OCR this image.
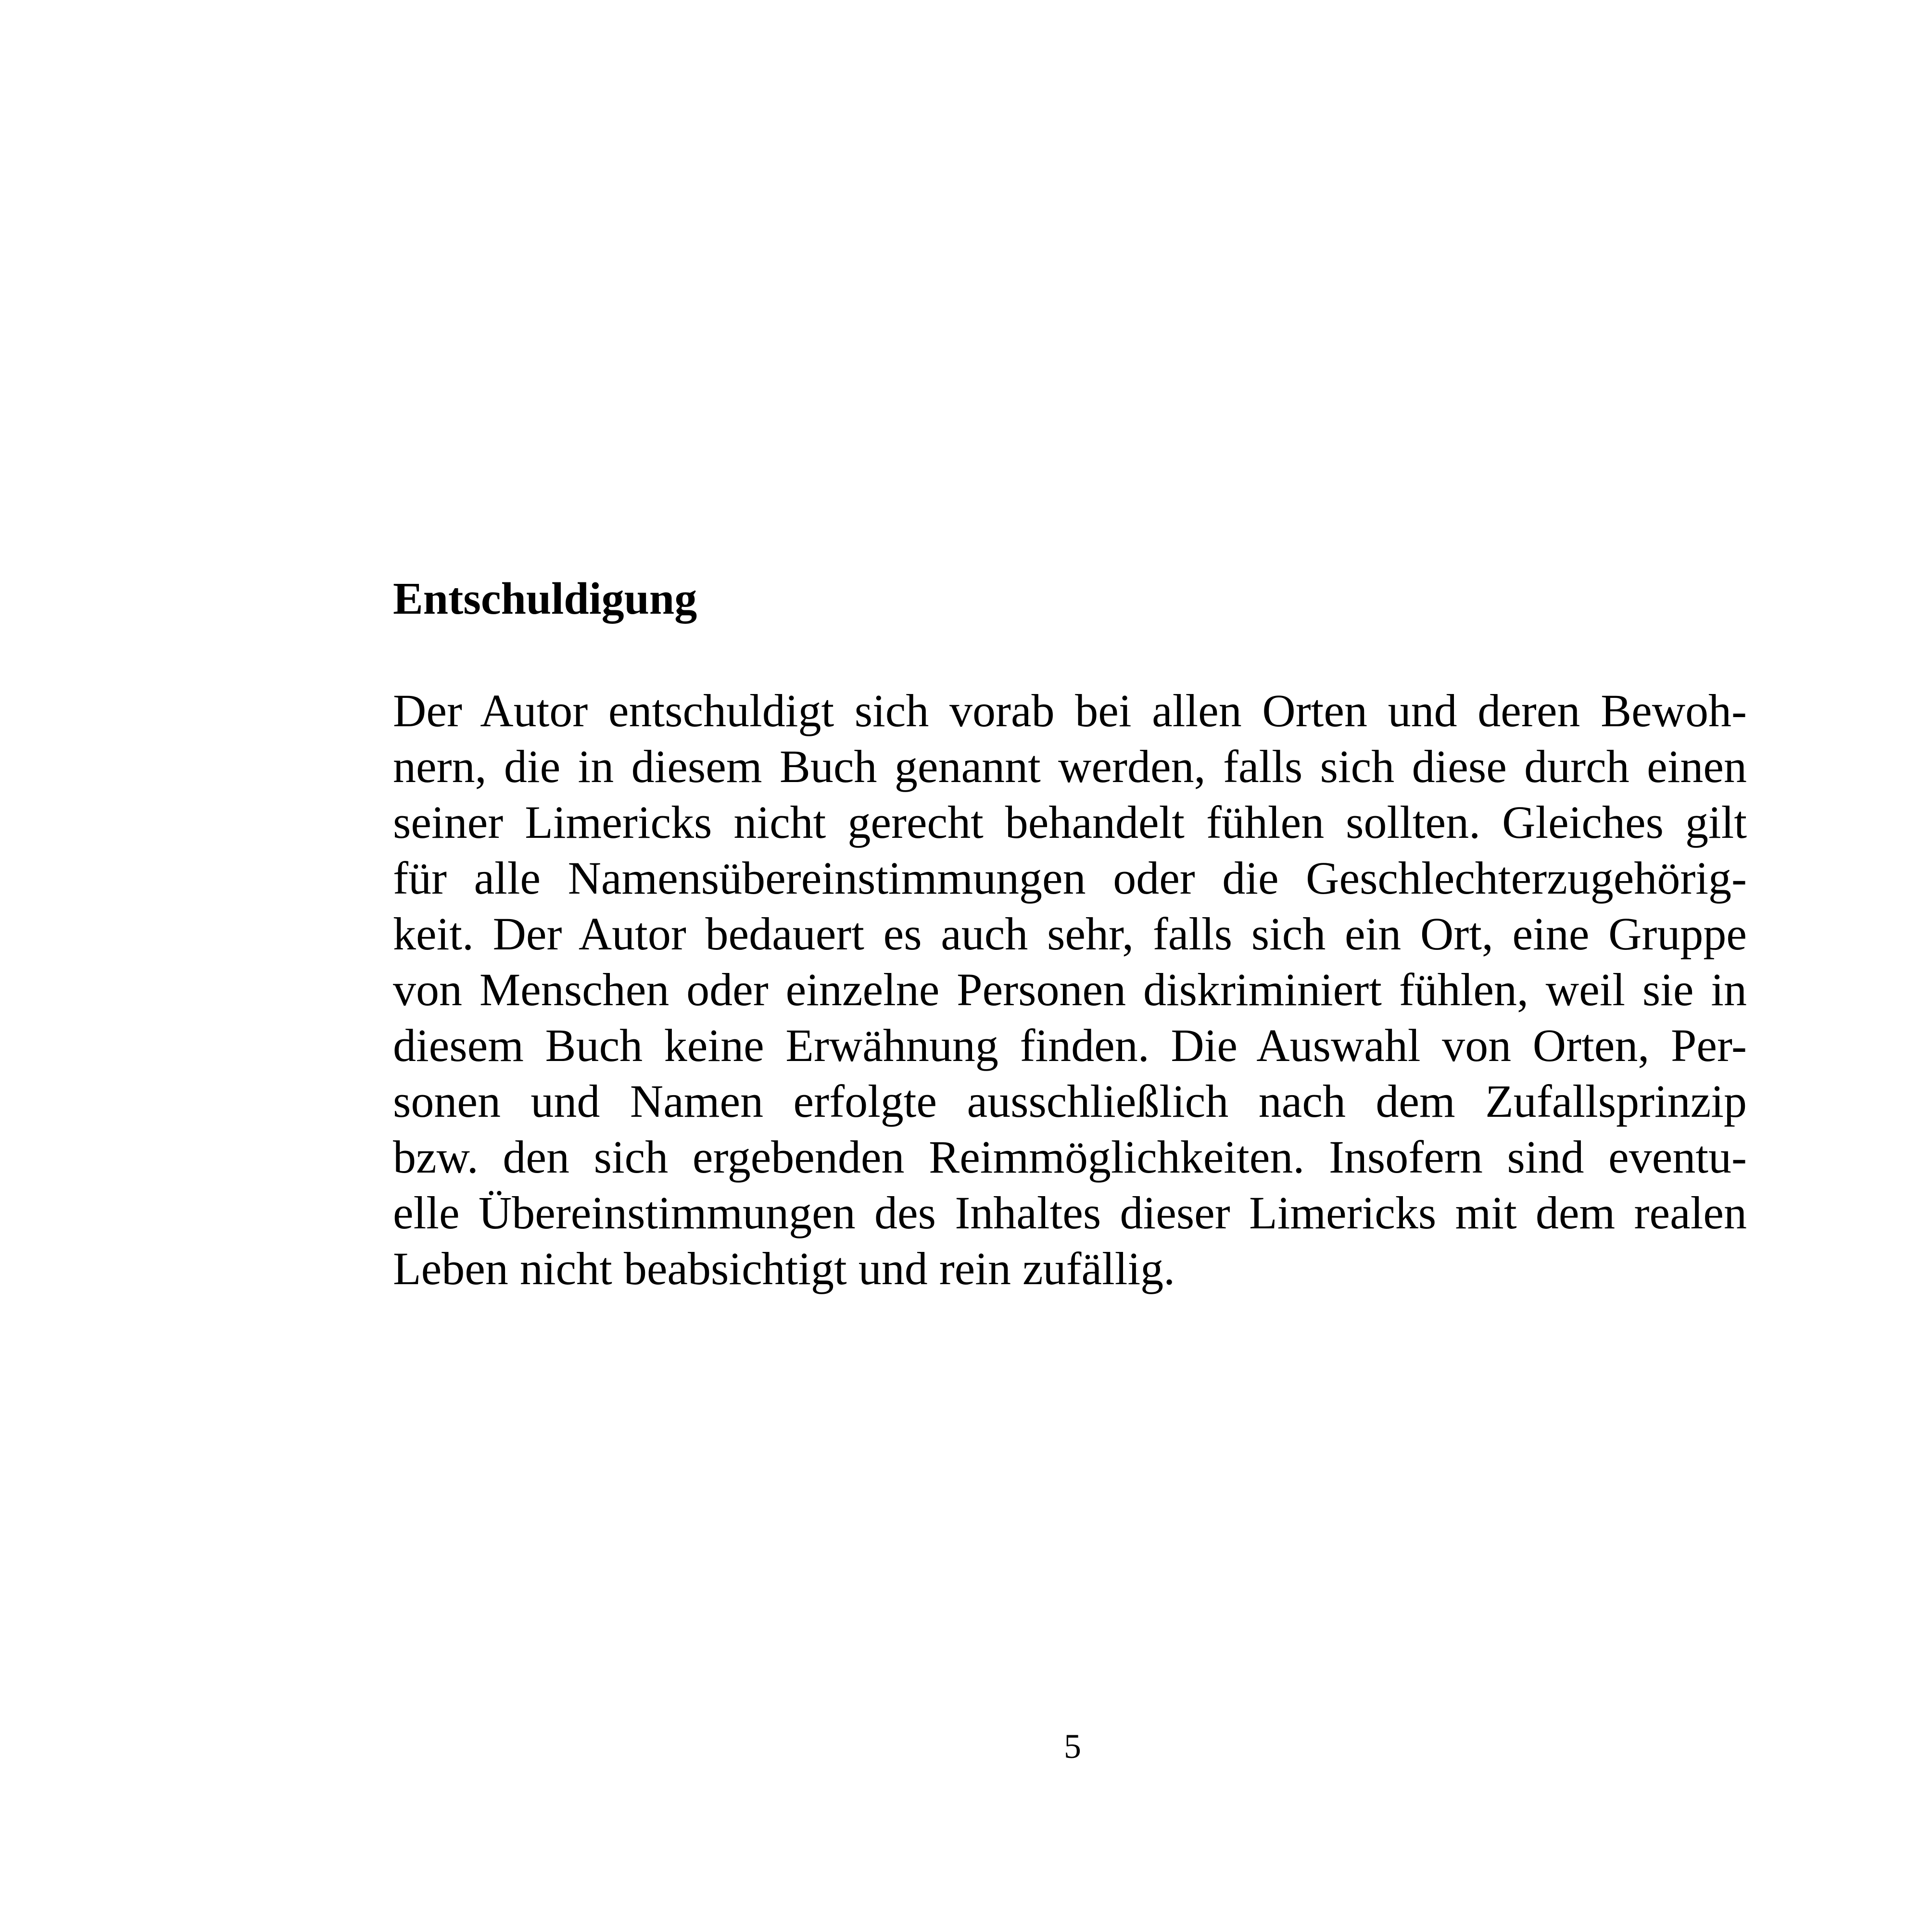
Entschuldigung
Der Autor entschuldigt sich vorab bei allen Orten und deren Bewoh-
nern, die in diesem Buch genannt werden, falls sich diese durch einen
seiner Limericks nicht gerecht behandelt fühlen sollten. Gleiches gilt
für alle Namensübereinstimmungen oder die Geschlechterzugehörig-
keit. Der Autor bedauert es auch sehr, falls sich ein Ort, eine Gruppe
von Menschen oder einzelne Personen diskriminiert fühlen, weil sie in
diesem Buch keine Erwähnung finden. Die Auswahl von Orten, Per-
sonen und Namen erfolgte ausschließlich nach dem Zufallsprinzip
bzw. den sich ergebenden Reimmöglichkeiten. Insofern sind eventu-
elle Übereinstimmungen des Inhaltes dieser Limericks mit dem realen
Leben nicht beabsichtigt und rein zufällig.
5
